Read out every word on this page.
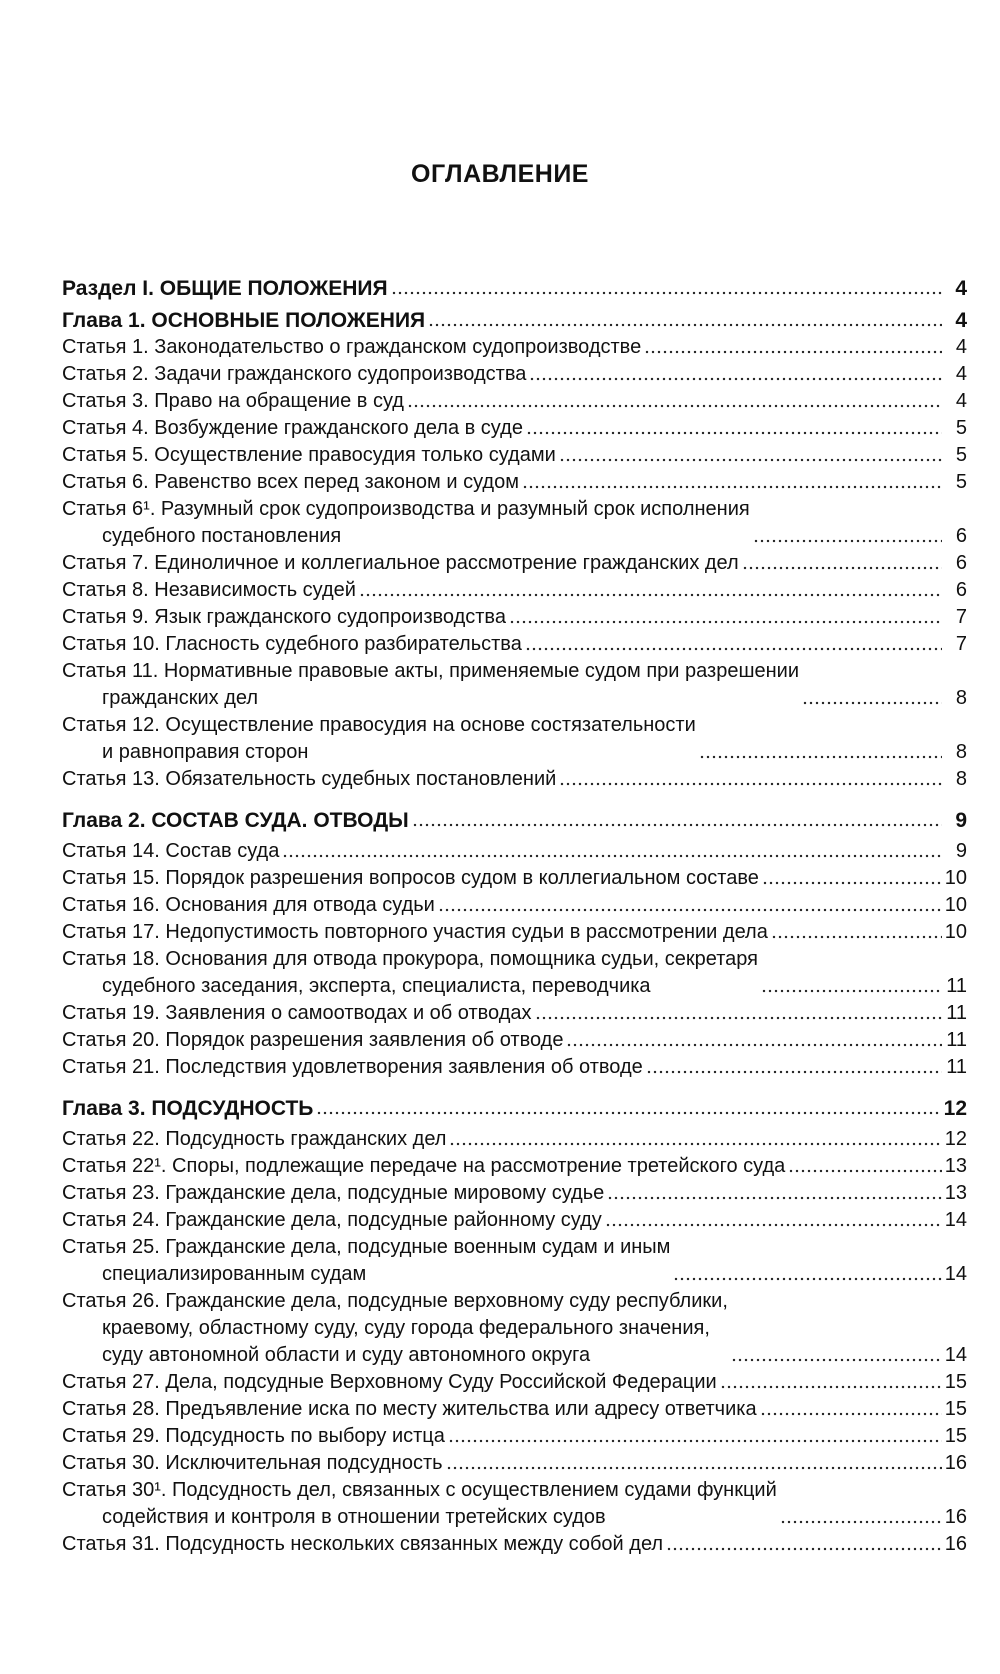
ОГЛАВЛЕНИЕ
Раздел I. ОБЩИЕ ПОЛОЖЕНИЯ	4
Глава 1. ОСНОВНЫЕ ПОЛОЖЕНИЯ	4
Статья 1. Законодательство о гражданском судопроизводстве	4
Статья 2. Задачи гражданского судопроизводства	4
Статья 3. Право на обращение в суд	4
Статья 4. Возбуждение гражданского дела в суде	5
Статья 5. Осуществление правосудия только судами	5
Статья 6. Равенство всех перед законом и судом	5
Статья 6¹. Разумный срок судопроизводства и разумный срок исполнения
судебного постановления	6
Статья 7. Единоличное и коллегиальное рассмотрение гражданских дел	6
Статья 8. Независимость судей	6
Статья 9. Язык гражданского судопроизводства	7
Статья 10. Гласность судебного разбирательства	7
Статья 11. Нормативные правовые акты, применяемые судом при разрешении
гражданских дел	8
Статья 12. Осуществление правосудия на основе состязательности
и равноправия сторон	8
Статья 13. Обязательность судебных постановлений	8
Глава 2. СОСТАВ СУДА. ОТВОДЫ	9
Статья 14. Состав суда	9
Статья 15. Порядок разрешения вопросов судом в коллегиальном составе	10
Статья 16. Основания для отвода судьи	10
Статья 17. Недопустимость повторного участия судьи в рассмотрении дела	10
Статья 18. Основания для отвода прокурора, помощника судьи, секретаря
судебного заседания, эксперта, специалиста, переводчика	11
Статья 19. Заявления о самоотводах и об отводах	11
Статья 20. Порядок разрешения заявления об отводе	11
Статья 21. Последствия удовлетворения заявления об отводе	11
Глава 3. ПОДСУДНОСТЬ	12
Статья 22. Подсудность гражданских дел	12
Статья 22¹. Споры, подлежащие передаче на рассмотрение третейского суда	13
Статья 23. Гражданские дела, подсудные мировому судье	13
Статья 24. Гражданские дела, подсудные районному суду	14
Статья 25. Гражданские дела, подсудные военным судам и иным
специализированным судам	14
Статья 26. Гражданские дела, подсудные верховному суду республики,
краевому, областному суду, суду города федерального значения,
суду автономной области и суду автономного округа	14
Статья 27. Дела, подсудные Верховному Суду Российской Федерации	15
Статья 28. Предъявление иска по месту жительства или адресу ответчика	15
Статья 29. Подсудность по выбору истца	15
Статья 30. Исключительная подсудность	16
Статья 30¹. Подсудность дел, связанных с осуществлением судами функций
содействия и контроля в отношении третейских судов	16
Статья 31. Подсудность нескольких связанных между собой дел	16
